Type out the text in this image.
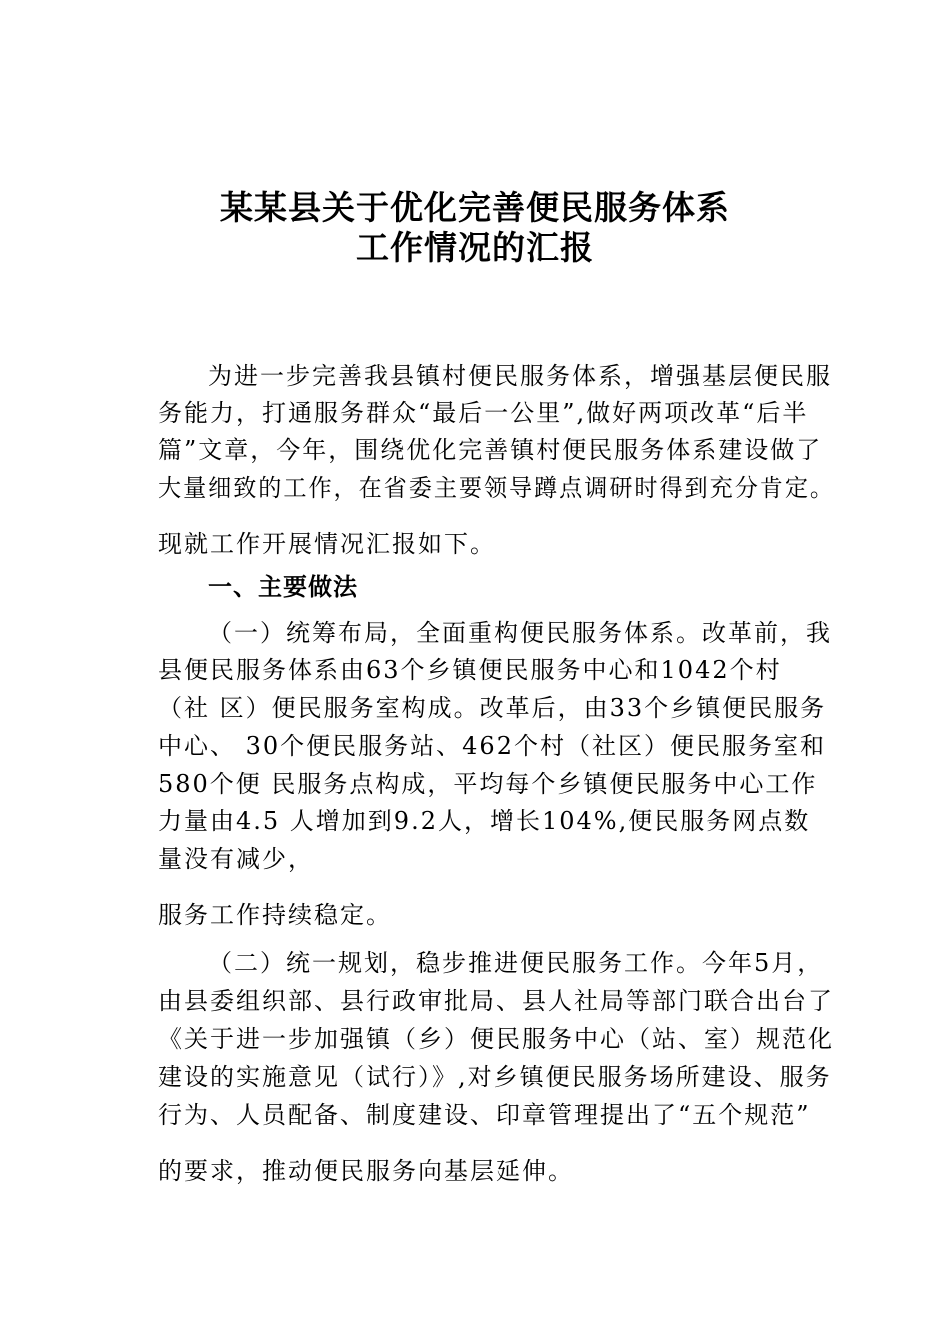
某某县关于优化完善便民服务体系
工作情况的汇报
为进一步完善我县镇村便民服务体系，增强基层便民服
务能力，打通服务群众“最后一公里”,做好两项改革“后半
篇”文章，今年，围绕优化完善镇村便民服务体系建设做了
大量细致的工作，在省委主要领导蹲点调研时得到充分肯定。
现就工作开展情况汇报如下。
一、主要做法
（一）统筹布局，全面重构便民服务体系。改革前，我
县便民服务体系由63个乡镇便民服务中心和1042个村
（社 区）便民服务室构成。改革后，由33个乡镇便民服务
中心、 30个便民服务站、462个村（社区）便民服务室和
580个便 民服务点构成，平均每个乡镇便民服务中心工作
力量由4.5 人增加到9.2人，增长104%,便民服务网点数
量没有减少，
服务工作持续稳定。
（二）统一规划，稳步推进便民服务工作。今年5月，
由县委组织部、县行政审批局、县人社局等部门联合出台了
《关于进一步加强镇（乡）便民服务中心（站、室）规范化
建设的实施意见（试行）》,对乡镇便民服务场所建设、服务
行为、人员配备、制度建设、印章管理提出了“五个规范”
的要求，推动便民服务向基层延伸。
